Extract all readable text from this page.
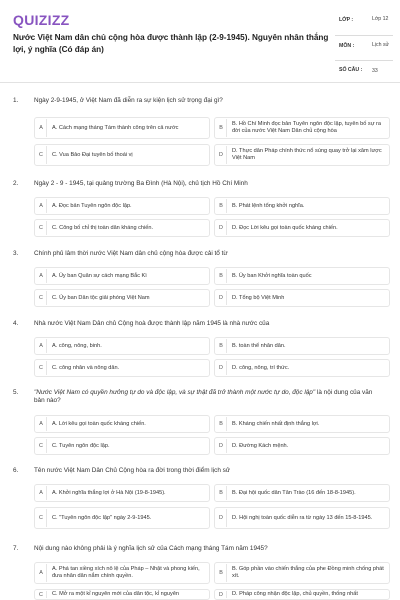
QUIZIZZ
Nước Việt Nam dân chủ cộng hòa được thành lập (2-9-1945). Nguyên nhân thắng lợi, ý nghĩa (Có đáp án)
LỚP :	Lớp 12
MÔN :	Lịch sử
SỐ CÂU : 33
1. Ngày 2-9-1945, ở Việt Nam đã diễn ra sự kiện lịch sử trọng đại gì?
A	A. Cách mạng tháng Tám thành công trên cả nước	B
B. Hồ Chí Minh đọc bản Tuyên ngôn độc lập, tuyên bố sự ra đời của nước Việt Nam Dân chủ cộng hòa
C	C. Vua Bảo Đại tuyên bố thoái vị	D
D. Thực dân Pháp chính thức nổ súng quay trở lại xâm lược Việt Nam
2. Ngày 2 - 9 - 1945, tại quảng trường Ba Đình (Hà Nội), chủ tịch Hồ Chí Minh
A	A. Đọc bản Tuyên ngôn độc lập.	B	B. Phát lệnh tổng khởi nghĩa.
C	C. Công bố chỉ thị toàn dân kháng chiến.	D	D. Đọc Lời kêu gọi toàn quốc kháng chiến.
3. Chính phủ lâm thời nước Việt Nam dân chủ cộng hòa được cải tổ từ
A	A. Ủy ban Quân sự cách mạng Bắc Kì	B	B. Ủy ban Khởi nghĩa toàn quốc
C	C. Ủy ban Dân tộc giải phóng Việt Nam	D	D. Tổng bộ Việt Minh
4. Nhà nước Việt Nam Dân chủ Cộng hoà được thành lập năm 1945 là nhà nước của
A	A. công, nông, binh.	B	B. toàn thể nhân dân.
C	C. công nhân và nông dân.	D	D. công, nông, trí thức.
5. "Nước Việt Nam có quyền hưởng tự do và độc lập, và sự thật đã trở thành một nước tự do, độc lập" là nội dung của văn bản nào?
A	A. Lời kêu gọi toàn quốc kháng chiến.	B	B. Kháng chiến nhất định thắng lợi.
C	C. Tuyên ngôn độc lập.	D	D. Đường Kách mệnh.
6. Tên nước Việt Nam Dân Chủ Cộng hòa ra đời trong thời điểm lịch sử
A	A. Khởi nghĩa thắng lợi ở Hà Nội (19-8-1945).	B	B. Đại hội quốc dân Tân Trào (16 đến 18-8-1945).
C	C. "Tuyên ngôn độc lập" ngày 2-9-1945.	D	D. Hội nghị toàn quốc diễn ra từ ngày 13 đến 15-8-1945.
7. Nội dung nào không phải là ý nghĩa lịch sử của Cách mạng tháng Tám năm 1945?
A
A. Phá tan xiềng xích nô lệ của Pháp – Nhật và phong kiến, đưa nhân dân nắm chính quyền.	B
B. Góp phần vào chiến thắng của phe Đồng minh chống phát xít.
C	C. Mở ra một kỉ nguyên mới của dân tộc, kỉ nguyên	D	D. Pháp công nhận độc lập, chủ quyền, thống nhất
